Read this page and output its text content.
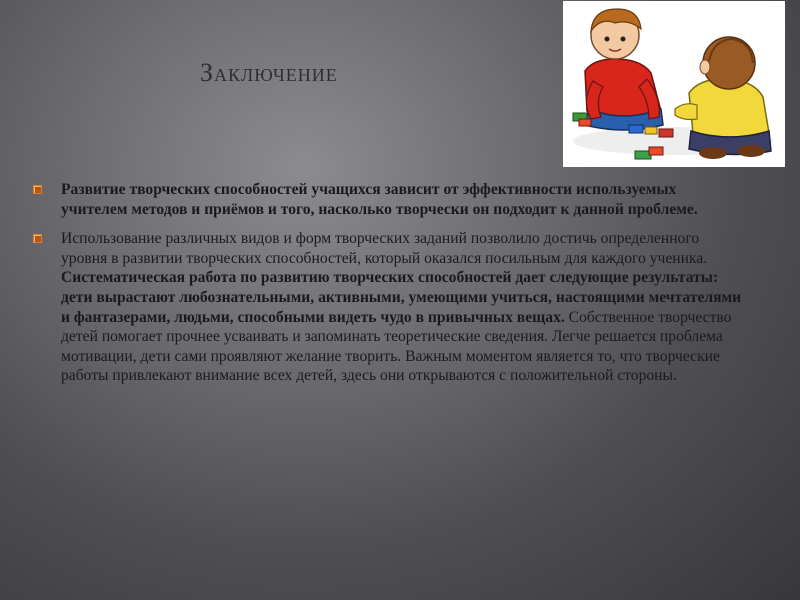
Заключение
Развитие творческих способностей учащихся зависит от эффективности используемых учителем методов и приёмов и того, насколько творчески он подходит к данной проблеме.
Использование различных видов и форм творческих заданий позволило достичь определенного уровня в развитии творческих способностей, который оказался посильным для каждого ученика. Систематическая работа по развитию творческих способностей дает следующие результаты: дети вырастают любознательными, активными, умеющими учиться, настоящими мечтателями и фантазерами, людьми, способными видеть чудо в привычных вещах. Собственное творчество детей помогает прочнее усваивать и запоминать теоретические сведения. Легче решается проблема мотивации, дети сами проявляют желание творить. Важным моментом является то, что творческие работы привлекают внимание всех детей, здесь они открываются с положительной стороны.
